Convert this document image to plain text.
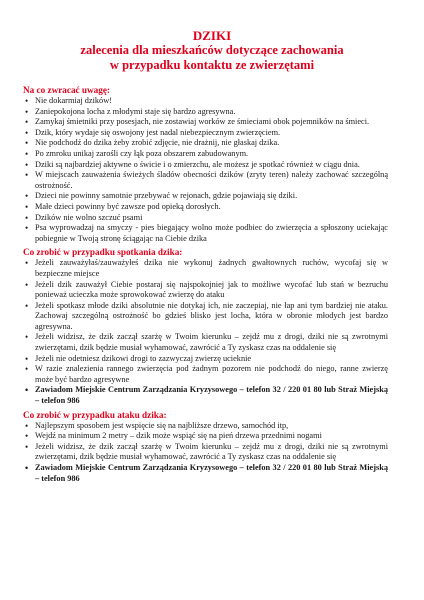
DZIKI
zalecenia dla mieszkańców dotyczące zachowania
w przypadku kontaktu ze zwierzętami
Na co zwracać uwagę:
• Nie dokarmiaj dzików!
• Zaniepokojona locha z młodymi staje się bardzo agresywna.
• Zamykaj śmietniki przy posesjach, nie zostawiaj worków ze śmieciami obok pojemników na śmieci.
• Dzik, który wydaje się oswojony jest nadal niebezpiecznym zwierzęciem.
• Nie podchodź do dzika żeby zrobić zdjęcie, nie drażnij, nie głaskaj dzika.
• Po zmroku unikaj zarośli czy łąk poza obszarem zabudowanym.
• Dziki są najbardziej aktywne o świcie i o zmierzchu, ale możesz je spotkać również w ciągu dnia.
• W miejscach zauważenia świeżych śladów obecności dzików (zryty teren) należy zachować szczególną ostrożność.
• Dzieci nie powinny samotnie przebywać w rejonach, gdzie pojawiają się dziki.
• Małe dzieci powinny być zawsze pod opieką dorosłych.
• Dzików nie wolno szczuć psami
• Psa wyprowadzaj na smyczy - pies biegający wolno może podbiec do zwierzęcia a spłoszony uciekając pobiegnie w Twoją stronę ściągając na Ciebie dzika
Co zrobić w przypadku spotkania dzika:
• Jeżeli zauważyłaś/zauważyłeś dzika nie wykonuj żadnych gwałtownych ruchów, wycofaj się w bezpieczne miejsce
• Jeżeli dzik zauważył Ciebie postaraj się najspokojniej jak to możliwe wycofać lub stań w bezruchu ponieważ ucieczka może sprowokować zwierzę do ataku
• Jeżeli spotkasz młode dziki absolutnie nie dotykaj ich, nie zaczepiaj, nie łap ani tym bardziej nie ataku. Zachowaj szczególną ostrożność bo gdzieś blisko jest locha, która w obronie młodych jest bardzo agresywna.
• Jeżeli widzisz, że dzik zaczął szarżę w Twoim kierunku – zejdź mu z drogi, dziki nie są zwrotnymi zwierzętami, dzik będzie musiał wyhamować, zawrócić a Ty zyskasz czas na oddalenie się
• Jeżeli nie odetniesz dzikowi drogi to zazwyczaj zwierzę ucieknie
• W razie znalezienia rannego zwierzęcia pod żadnym pozorem nie podchodź do niego, ranne zwierzę może być bardzo agresywne
• Zawiadom Miejskie Centrum Zarządzania Kryzysowego – telefon 32 / 220 01 80 lub Straż Miejską – telefon 986
Co zrobić w przypadku ataku dzika:
• Najlepszym sposobem jest wspięcie się na najbliższe drzewo, samochód itp,
• Wejdź na minimum 2 metry – dzik może wspiąć się na pień drzewa przednimi nogami
• Jeżeli widzisz, że dzik zaczął szarżę w Twoim kierunku – zejdź mu z drogi, dziki nie są zwrotnymi zwierzętami, dzik będzie musiał wyhamować, zawrócić a Ty zyskasz czas na oddalenie się
• Zawiadom Miejskie Centrum Zarządzania Kryzysowego – telefon 32 / 220 01 80 lub Straż Miejską – telefon 986
